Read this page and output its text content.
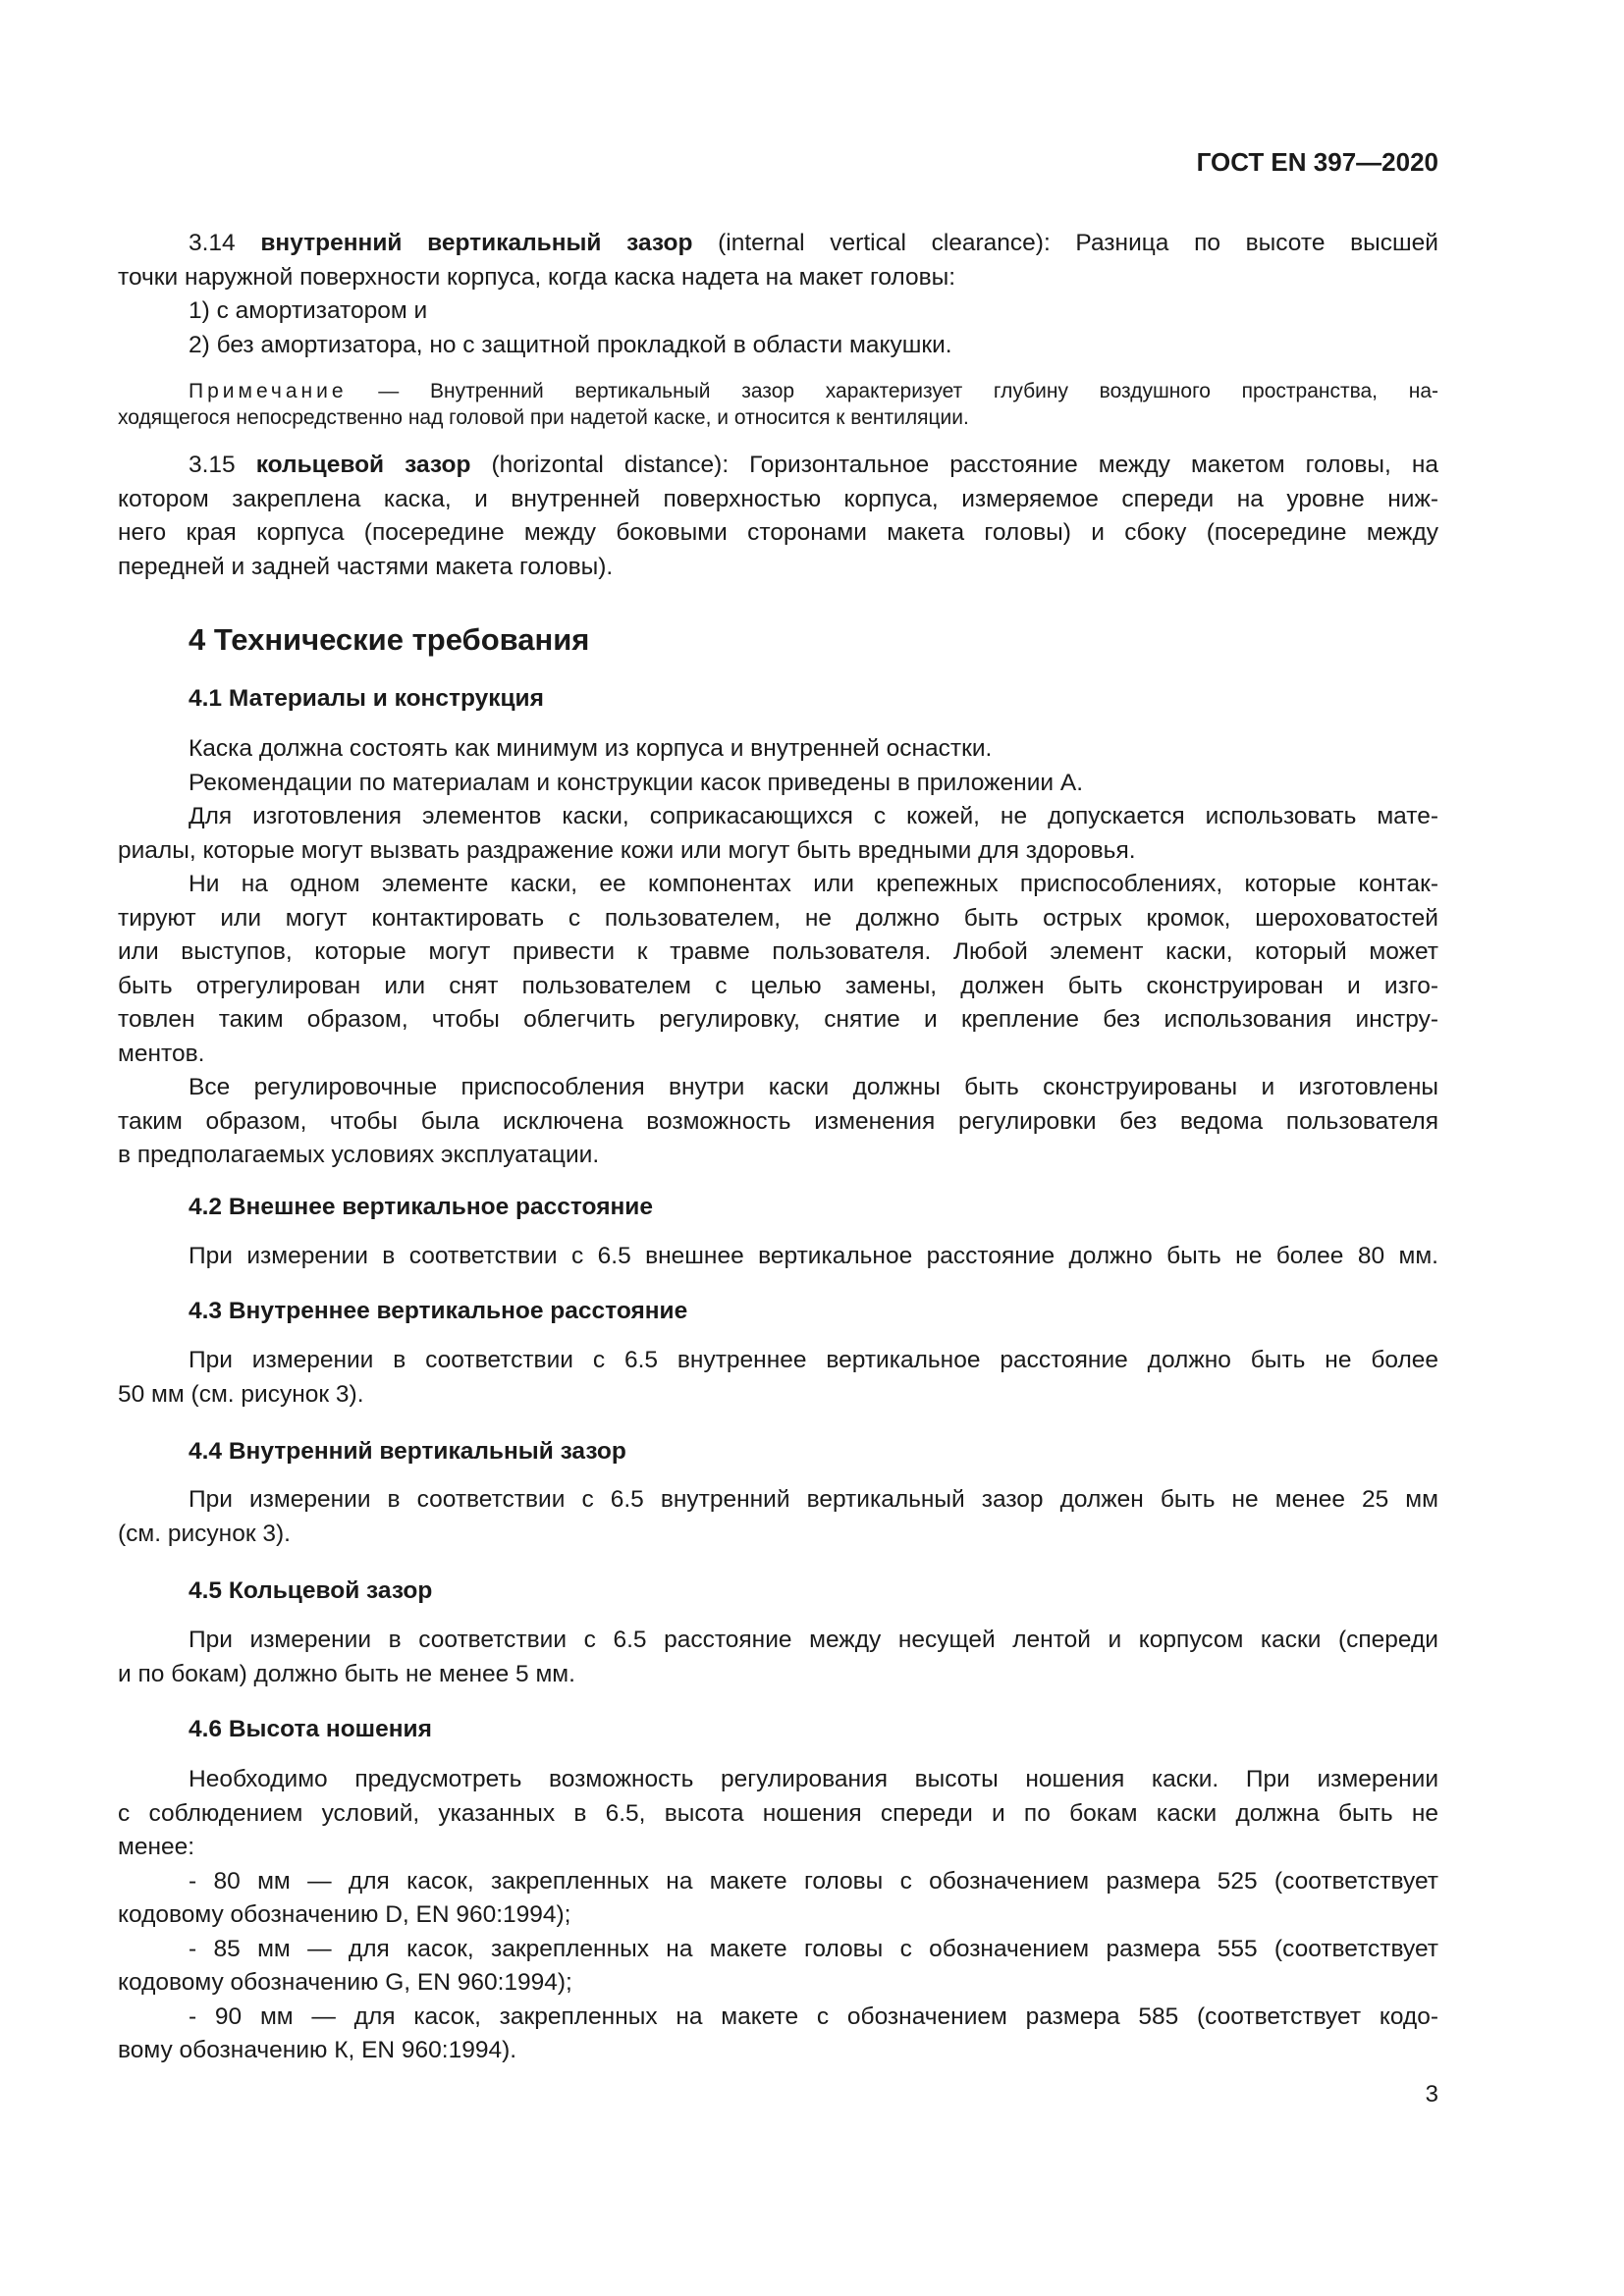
ГОСТ EN 397—2020
3.14 внутренний вертикальный зазор (internal vertical clearance): Разница по высоте высшей
точки наружной поверхности корпуса, когда каска надета на макет головы:
1) с амортизатором и
2) без амортизатора, но с защитной прокладкой в области макушки.
Примечание — Внутренний вертикальный зазор характеризует глубину воздушного пространства, на-
ходящегося непосредственно над головой при надетой каске, и относится к вентиляции.
3.15 кольцевой зазор (horizontal distance): Горизонтальное расстояние между макетом головы, на
котором закреплена каска, и внутренней поверхностью корпуса, измеряемое спереди на уровне ниж-
него края корпуса (посередине между боковыми сторонами макета головы) и сбоку (посередине между
передней и задней частями макета головы).
4 Технические требования
4.1 Материалы и конструкция
Каска должна состоять как минимум из корпуса и внутренней оснастки.
Рекомендации по материалам и конструкции касок приведены в приложении А.
Для изготовления элементов каски, соприкасающихся с кожей, не допускается использовать мате-
риалы, которые могут вызвать раздражение кожи или могут быть вредными для здоровья.
Ни на одном элементе каски, ее компонентах или крепежных приспособлениях, которые контак-
тируют или могут контактировать с пользователем, не должно быть острых кромок, шероховатостей
или выступов, которые могут привести к травме пользователя. Любой элемент каски, который может
быть отрегулирован или снят пользователем с целью замены, должен быть сконструирован и изго-
товлен таким образом, чтобы облегчить регулировку, снятие и крепление без использования инстру-
ментов.
Все регулировочные приспособления внутри каски должны быть сконструированы и изготовлены
таким образом, чтобы была исключена возможность изменения регулировки без ведома пользователя
в предполагаемых условиях эксплуатации.
4.2 Внешнее вертикальное расстояние
При измерении в соответствии с 6.5 внешнее вертикальное расстояние должно быть не более 80 мм.
4.3 Внутреннее вертикальное расстояние
При измерении в соответствии с 6.5 внутреннее вертикальное расстояние должно быть не более
50 мм (см. рисунок 3).
4.4 Внутренний вертикальный зазор
При измерении в соответствии с 6.5 внутренний вертикальный зазор должен быть не менее 25 мм
(см. рисунок 3).
4.5 Кольцевой зазор
При измерении в соответствии с 6.5 расстояние между несущей лентой и корпусом каски (спереди
и по бокам) должно быть не менее 5 мм.
4.6 Высота ношения
Необходимо предусмотреть возможность регулирования высоты ношения каски. При измерении
с соблюдением условий, указанных в 6.5, высота ношения спереди и по бокам каски должна быть не
менее:
- 80 мм — для касок, закрепленных на макете головы с обозначением размера 525 (соответствует
кодовому обозначению D, EN 960:1994);
- 85 мм — для касок, закрепленных на макете головы с обозначением размера 555 (соответствует
кодовому обозначению G, EN 960:1994);
- 90 мм — для касок, закрепленных на макете с обозначением размера 585 (соответствует кодо-
вому обозначению К, EN 960:1994).
3
